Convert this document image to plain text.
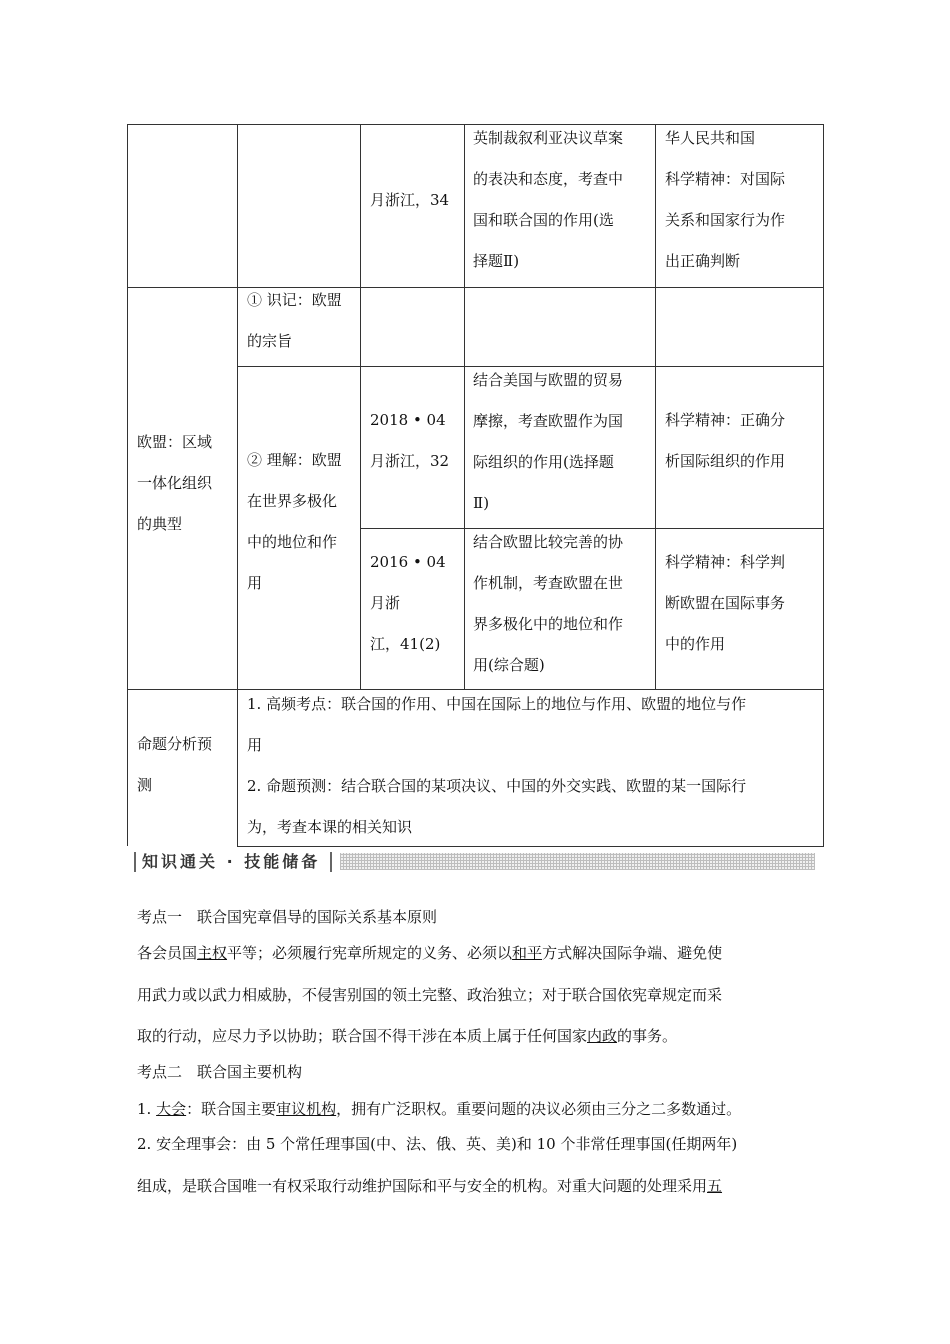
月浙江，34
英制裁叙利亚决议草案
的表决和态度，考查中
国和联合国的作用(选
择题Ⅱ)
华人民共和国
科学精神：对国际
关系和国家行为作
出正确判断
欧盟：区域
一体化组织
的典型
① 识记：欧盟
的宗旨
② 理解：欧盟
在世界多极化
中的地位和作
用
2018 • 04
月浙江，32
结合美国与欧盟的贸易
摩擦，考查欧盟作为国
际组织的作用(选择题
Ⅱ)
科学精神：正确分
析国际组织的作用
2016 • 04
月浙
江，41(2)
结合欧盟比较完善的协
作机制，考查欧盟在世
界多极化中的地位和作
用(综合题)
科学精神：科学判
断欧盟在国际事务
中的作用
命题分析预
测
1. 高频考点：联合国的作用、中国在国际上的地位与作用、欧盟的地位与作
用
2. 命题预测：结合联合国的某项决议、中国的外交实践、欧盟的某一国际行
为，考查本课的相关知识
知识通关 · 技能储备
考点一　联合国宪章倡导的国际关系基本原则
各会员国主权平等；必须履行宪章所规定的义务、必须以和平方式解决国际争端、避免使
用武力或以武力相威胁，不侵害别国的领土完整、政治独立；对于联合国依宪章规定而采
取的行动，应尽力予以协助；联合国不得干涉在本质上属于任何国家内政的事务。
考点二　联合国主要机构
1. 大会：联合国主要审议机构，拥有广泛职权。重要问题的决议必须由三分之二多数通过。
2. 安全理事会：由 5 个常任理事国(中、法、俄、英、美)和 10 个非常任理事国(任期两年)
组成，是联合国唯一有权采取行动维护国际和平与安全的机构。对重大问题的处理采用五
